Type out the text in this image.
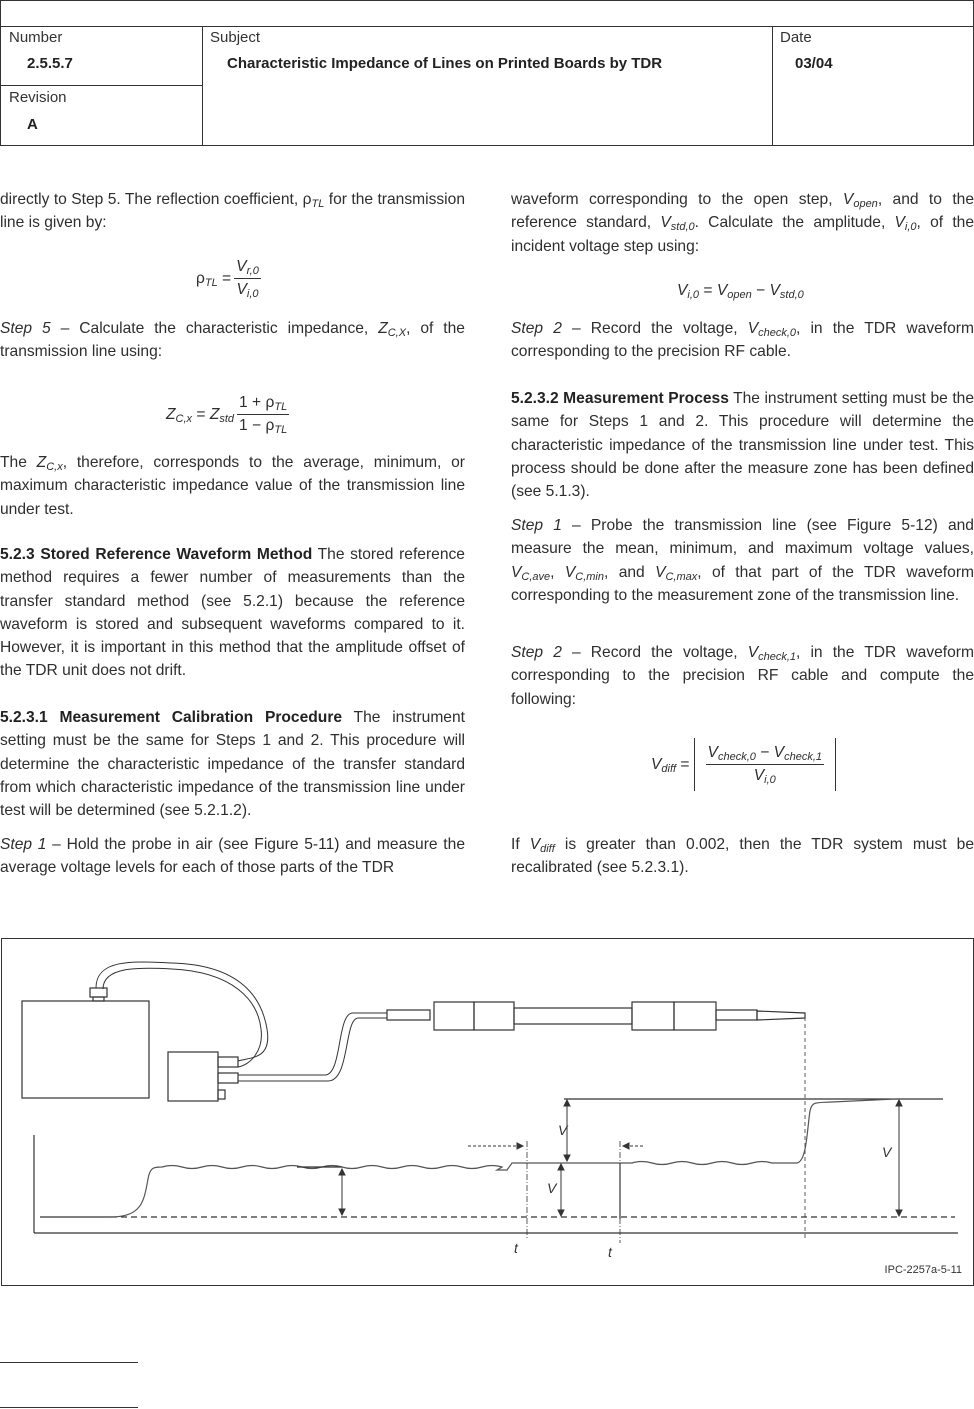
Number
2.5.5.7
Subject
Characteristic Impedance of Lines on Printed Boards by TDR
Date
03/04
Revision
A
directly to Step 5. The reflection coefficient, $\rho_{TL}$ for the transmission line is given by:
$\rho_{TL} = \frac{V_{r,0}}{V_{i,0}}$
Step 5 – Calculate the characteristic impedance, $Z_{C,X}$, of the transmission line using:
$Z_{C,x} = Z_{std} \frac{1 + \rho_{TL}}{1 - \rho_{TL}}$
The $Z_{C,x}$, therefore, corresponds to the average, minimum, or maximum characteristic impedance value of the transmission line under test.
5.2.3 Stored Reference Waveform Method The stored reference method requires a fewer number of measurements than the transfer standard method (see 5.2.1) because the reference waveform is stored and subsequent waveforms compared to it. However, it is important in this method that the amplitude offset of the TDR unit does not drift.
5.2.3.1 Measurement Calibration Procedure The instrument setting must be the same for Steps 1 and 2. This procedure will determine the characteristic impedance of the transfer standard from which characteristic impedance of the transmission line under test will be determined (see 5.2.1.2).
Step 1 – Hold the probe in air (see Figure 5-11) and measure the average voltage levels for each of those parts of the TDR
waveform corresponding to the open step, $V_{open}$, and to the reference standard, $V_{std,0}$. Calculate the amplitude, $V_{i,0}$, of the incident voltage step using:
$V_{i,0} = V_{open} - V_{std,0}$
Step 2 – Record the voltage, $V_{check,0}$, in the TDR waveform corresponding to the precision RF cable.
5.2.3.2 Measurement Process The instrument setting must be the same for Steps 1 and 2. This procedure will determine the characteristic impedance of the transmission line under test. This process should be done after the measure zone has been defined (see 5.1.3).
Step 1 – Probe the transmission line (see Figure 5-12) and measure the mean, minimum, and maximum voltage values, $V_{C,ave}$, $V_{C,min}$, and $V_{C,max}$, of that part of the TDR waveform corresponding to the measurement zone of the transmission line.
Step 2 – Record the voltage, $V_{check,1}$, in the TDR waveform corresponding to the precision RF cable and compute the following:
$V_{diff} = \frac{V_{check,0} - V_{check,1}}{V_{i,0}}$
If $V_{diff}$ is greater than 0.002, then the TDR system must be recalibrated (see 5.2.3.1).
V
V
V
t	t
IPC-2257a-5-11
